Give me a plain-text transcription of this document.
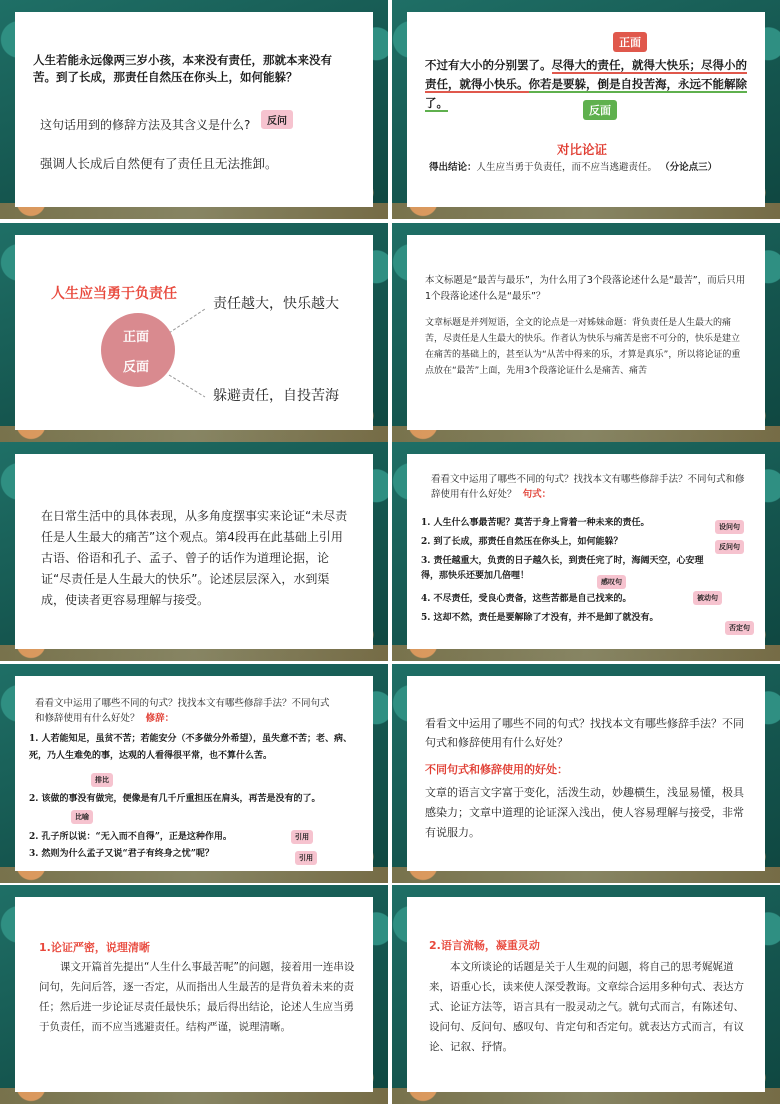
人生若能永远像两三岁小孩，本来没有责任，那就本来没有苦。到了长成，那责任自然压在你头上，如何能躲？
这句话用到的修辞方法及其含义是什么?	反问
强调人长成后自然便有了责任且无法推卸。
正面
不过有大小的分别罢了。尽得大的责任，就得大快乐；尽得小的责任，就得小快乐。你若是要躲，倒是自投苦海，永远不能解除了。
反面
对比论证
得出结论：人生应当勇于负责任，而不应当逃避责任。 （分论点三）
人生应当勇于负责任
正面
反面
责任越大，快乐越大
躲避责任，自投苦海
本文标题是“最苦与最乐”，为什么用了3个段落论述什么是“最苦”，而后只用1个段落论述什么是“最乐”？
文章标题是并列短语，全文的论点是一对姊妹命题：背负责任是人生最大的痛苦，尽责任是人生最大的快乐。作者认为快乐与痛苦是密不可分的，快乐是建立在痛苦的基础上的，甚至认为“从苦中得来的乐，才算是真乐”，所以将论证的重点放在“最苦”上面，先用3个段落论证什么是痛苦、痛苦
在日常生活中的具体表现，从多角度摆事实来论证“未尽责任是人生最大的痛苦”这个观点。第4段再在此基础上引用古语、俗语和孔子、孟子、曾子的话作为道理论据，论证“尽责任是人生最大的快乐”。论述层层深入，水到渠成，使读者更容易理解与接受。
看看文中运用了哪些不同的句式？找找本文有哪些修辞手法？不同句式和修辞使用有什么好处？ 句式：
1. 人生什么事最苦呢？莫苦于身上背着一种未来的责任。	设问句
2. 到了长成，那责任自然压在你头上，如何能躲？	反问句
3. 责任越重大，负责的日子越久长，到责任完了时，海阔天空，心安理得，那快乐还要加几倍哩！
感叹句
4. 不尽责任，受良心责备，这些苦都是自己找来的。	被动句
5. 这却不然，责任是要解除了才没有，并不是卸了就没有。
否定句
看看文中运用了哪些不同的句式？找找本文有哪些修辞手法？不同句式和修辞使用有什么好处？ 修辞：
1. 人若能知足，虽贫不苦；若能安分（不多做分外希望），虽失意不苦；老、病、死，乃人生难免的事，达观的人看得很平常，也不算什么苦。
排比
2. 该做的事没有做完，便像是有几千斤重担压在肩头，再苦是没有的了。
比喻
2. 孔子所以说：“无入而不自得”，正是这种作用。	引用
3. 然则为什么孟子又说“君子有终身之忧”呢？	引用
看看文中运用了哪些不同的句式？找找本文有哪些修辞手法？不同句式和修辞使用有什么好处？
不同句式和修辞使用的好处：
文章的语言文字富于变化，活泼生动，妙趣横生，浅显易懂，极具感染力；文章中道理的论证深入浅出，使人容易理解与接受，非常有说服力。
1.论证严密，说理清晰
课文开篇首先提出“人生什么事最苦呢”的问题，接着用一连串设问句，先问后答，逐一否定，从而指出人生最苦的是背负着未来的责任；然后进一步论证尽责任最快乐；最后得出结论，论述人生应当勇于负责任，而不应当逃避责任。结构严谨，说理清晰。
2.语言流畅，凝重灵动
本文所谈论的话题是关于人生观的问题，将自己的思考娓娓道来，语重心长，读来使人深受教诲。文章综合运用多种句式、表达方式、论证方法等，语言具有一股灵动之气。就句式而言，有陈述句、设问句、反问句、感叹句、肯定句和否定句。就表达方式而言，有议论、记叙、抒情。
